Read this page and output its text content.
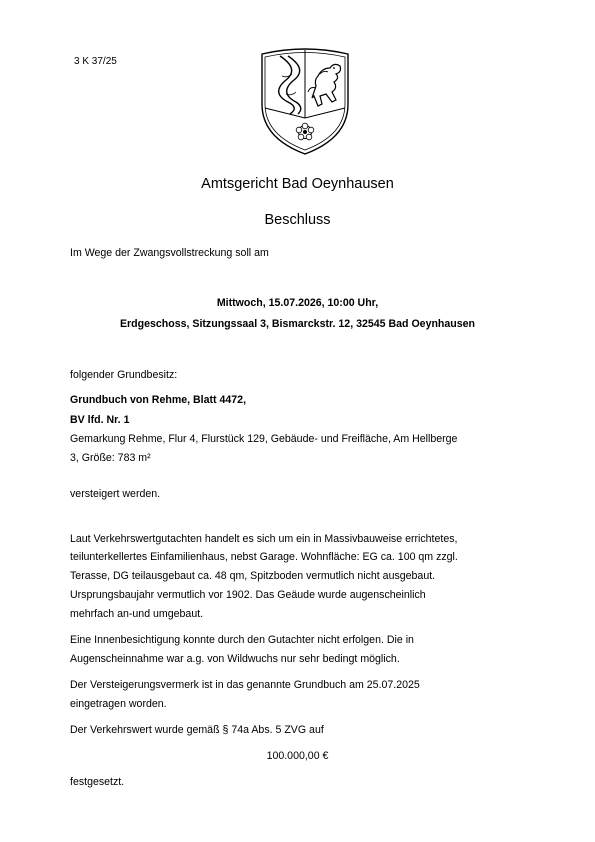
3 K 37/25
Amtsgericht Bad Oeynhausen
Beschluss
Im Wege der Zwangsvollstreckung soll am
Mittwoch, 15.07.2026, 10:00 Uhr,
Erdgeschoss, Sitzungssaal 3, Bismarckstr. 12, 32545 Bad Oeynhausen
folgender Grundbesitz:
Grundbuch von Rehme, Blatt 4472,
BV lfd. Nr. 1
Gemarkung Rehme, Flur 4, Flurstück 129, Gebäude- und Freifläche, Am Hellberge
3, Größe: 783 m²
versteigert werden.
Laut Verkehrswertgutachten handelt es sich um ein in Massivbauweise errichtetes,
teilunterkellertes Einfamilienhaus, nebst Garage. Wohnfläche: EG ca. 100 qm zzgl.
Terasse, DG teilausgebaut ca. 48 qm, Spitzboden vermutlich nicht ausgebaut.
Ursprungsbaujahr vermutlich vor 1902. Das Geäude wurde augenscheinlich
mehrfach an-und umgebaut.
Eine Innenbesichtigung konnte durch den Gutachter nicht erfolgen. Die in
Augenscheinnahme war a.g. von Wildwuchs nur sehr bedingt möglich.
Der Versteigerungsvermerk ist in das genannte Grundbuch am 25.07.2025
eingetragen worden.
Der Verkehrswert wurde gemäß § 74a Abs. 5 ZVG auf
100.000,00 €
festgesetzt.
